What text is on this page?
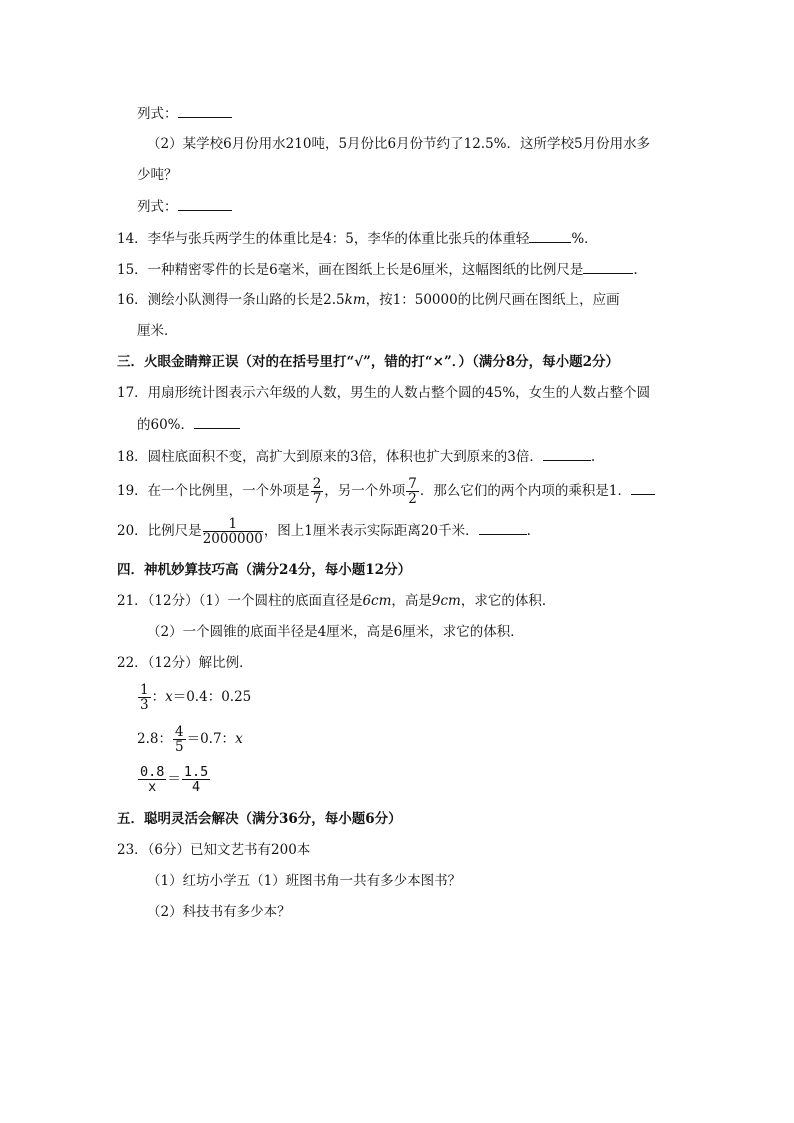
列式：
（2）某学校6月份用水210吨，5月份比6月份节约了12.5%．这所学校5月份用水多
少吨？
列式：
14．李华与张兵两学生的体重比是4：5，李华的体重比张兵的体重轻	%．
15．一种精密零件的长是6毫米，画在图纸上长是6厘米，这幅图纸的比例尺是	.
16．测绘小队测得一条山路的长是2.5km，按1：50000的比例尺画在图纸上，应画
厘米．
三．火眼金睛辩正误（对的在括号里打“√”，错的打“×”．）（满分8分，每小题2分）
17．用扇形统计图表示六年级的人数，男生的人数占整个圆的45%，女生的人数占整个圆
的60%．
18．圆柱底面积不变，高扩大到原来的3倍，体积也扩大到原来的3倍．	.
19．在一个比例里，一个外项是 $\frac{2}{7}$ ，另一个外项 $\frac{7}{2}$ ．那么它们的两个内项的乘积是1．
20．比例尺是 $\frac{1}{2000000}$ ，图上1厘米表示实际距离20千米．	.
四．神机妙算技巧高（满分24分，每小题12分）
21．（12分）（1）一个圆柱的底面直径是6cm，高是9cm，求它的体积．
（2）一个圆锥的底面半径是4厘米，高是6厘米，求它的体积．
22．（12分）解比例．
$\frac{1}{3}$ ：x＝0.4：0.25
2.8： $\frac{4}{5} =0.7$：x
$\frac{0.8}{x} = \frac{1.5}{4}$
五．聪明灵活会解决（满分36分，每小题6分）
23．（6分）已知文艺书有200本
（1）红坊小学五（1）班图书角一共有多少本图书？
（2）科技书有多少本？
